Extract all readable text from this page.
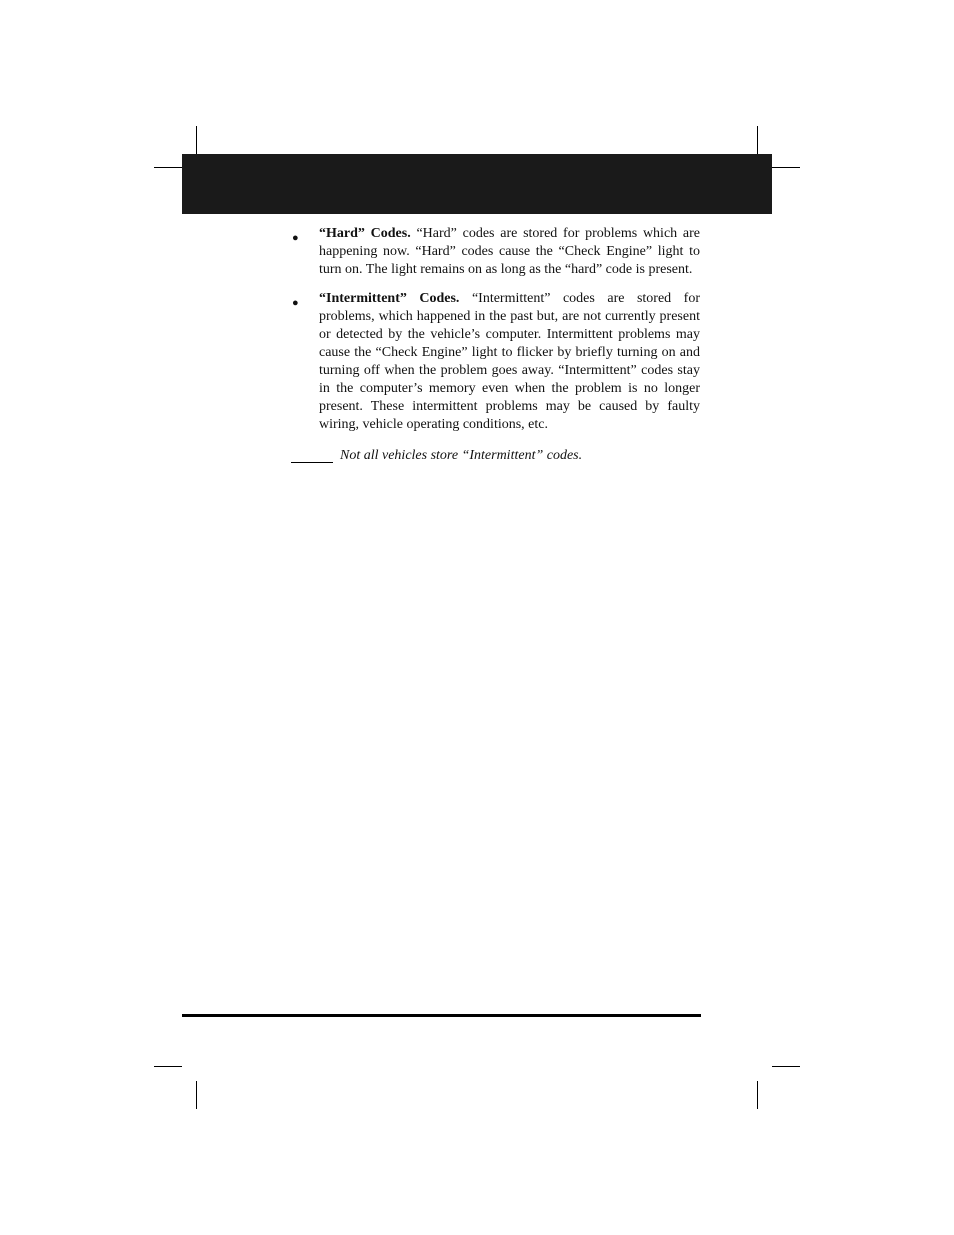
● “Hard” Codes. “Hard” codes are stored for problems which are happening now. “Hard” codes cause the “Check Engine” light to turn on. The light remains on as long as the “hard” code is present.

● “Intermittent” Codes. “Intermittent” codes are stored for problems, which happened in the past but, are not currently present or detected by the vehicle’s computer. Intermittent problems may cause the “Check Engine” light to flicker by briefly turning on and turning off when the problem goes away. “Intermittent” codes stay in the computer’s memory even when the problem is no longer present. These intermittent problems may be caused by faulty wiring, vehicle operating conditions, etc.

Not all vehicles store “Intermittent” codes.
